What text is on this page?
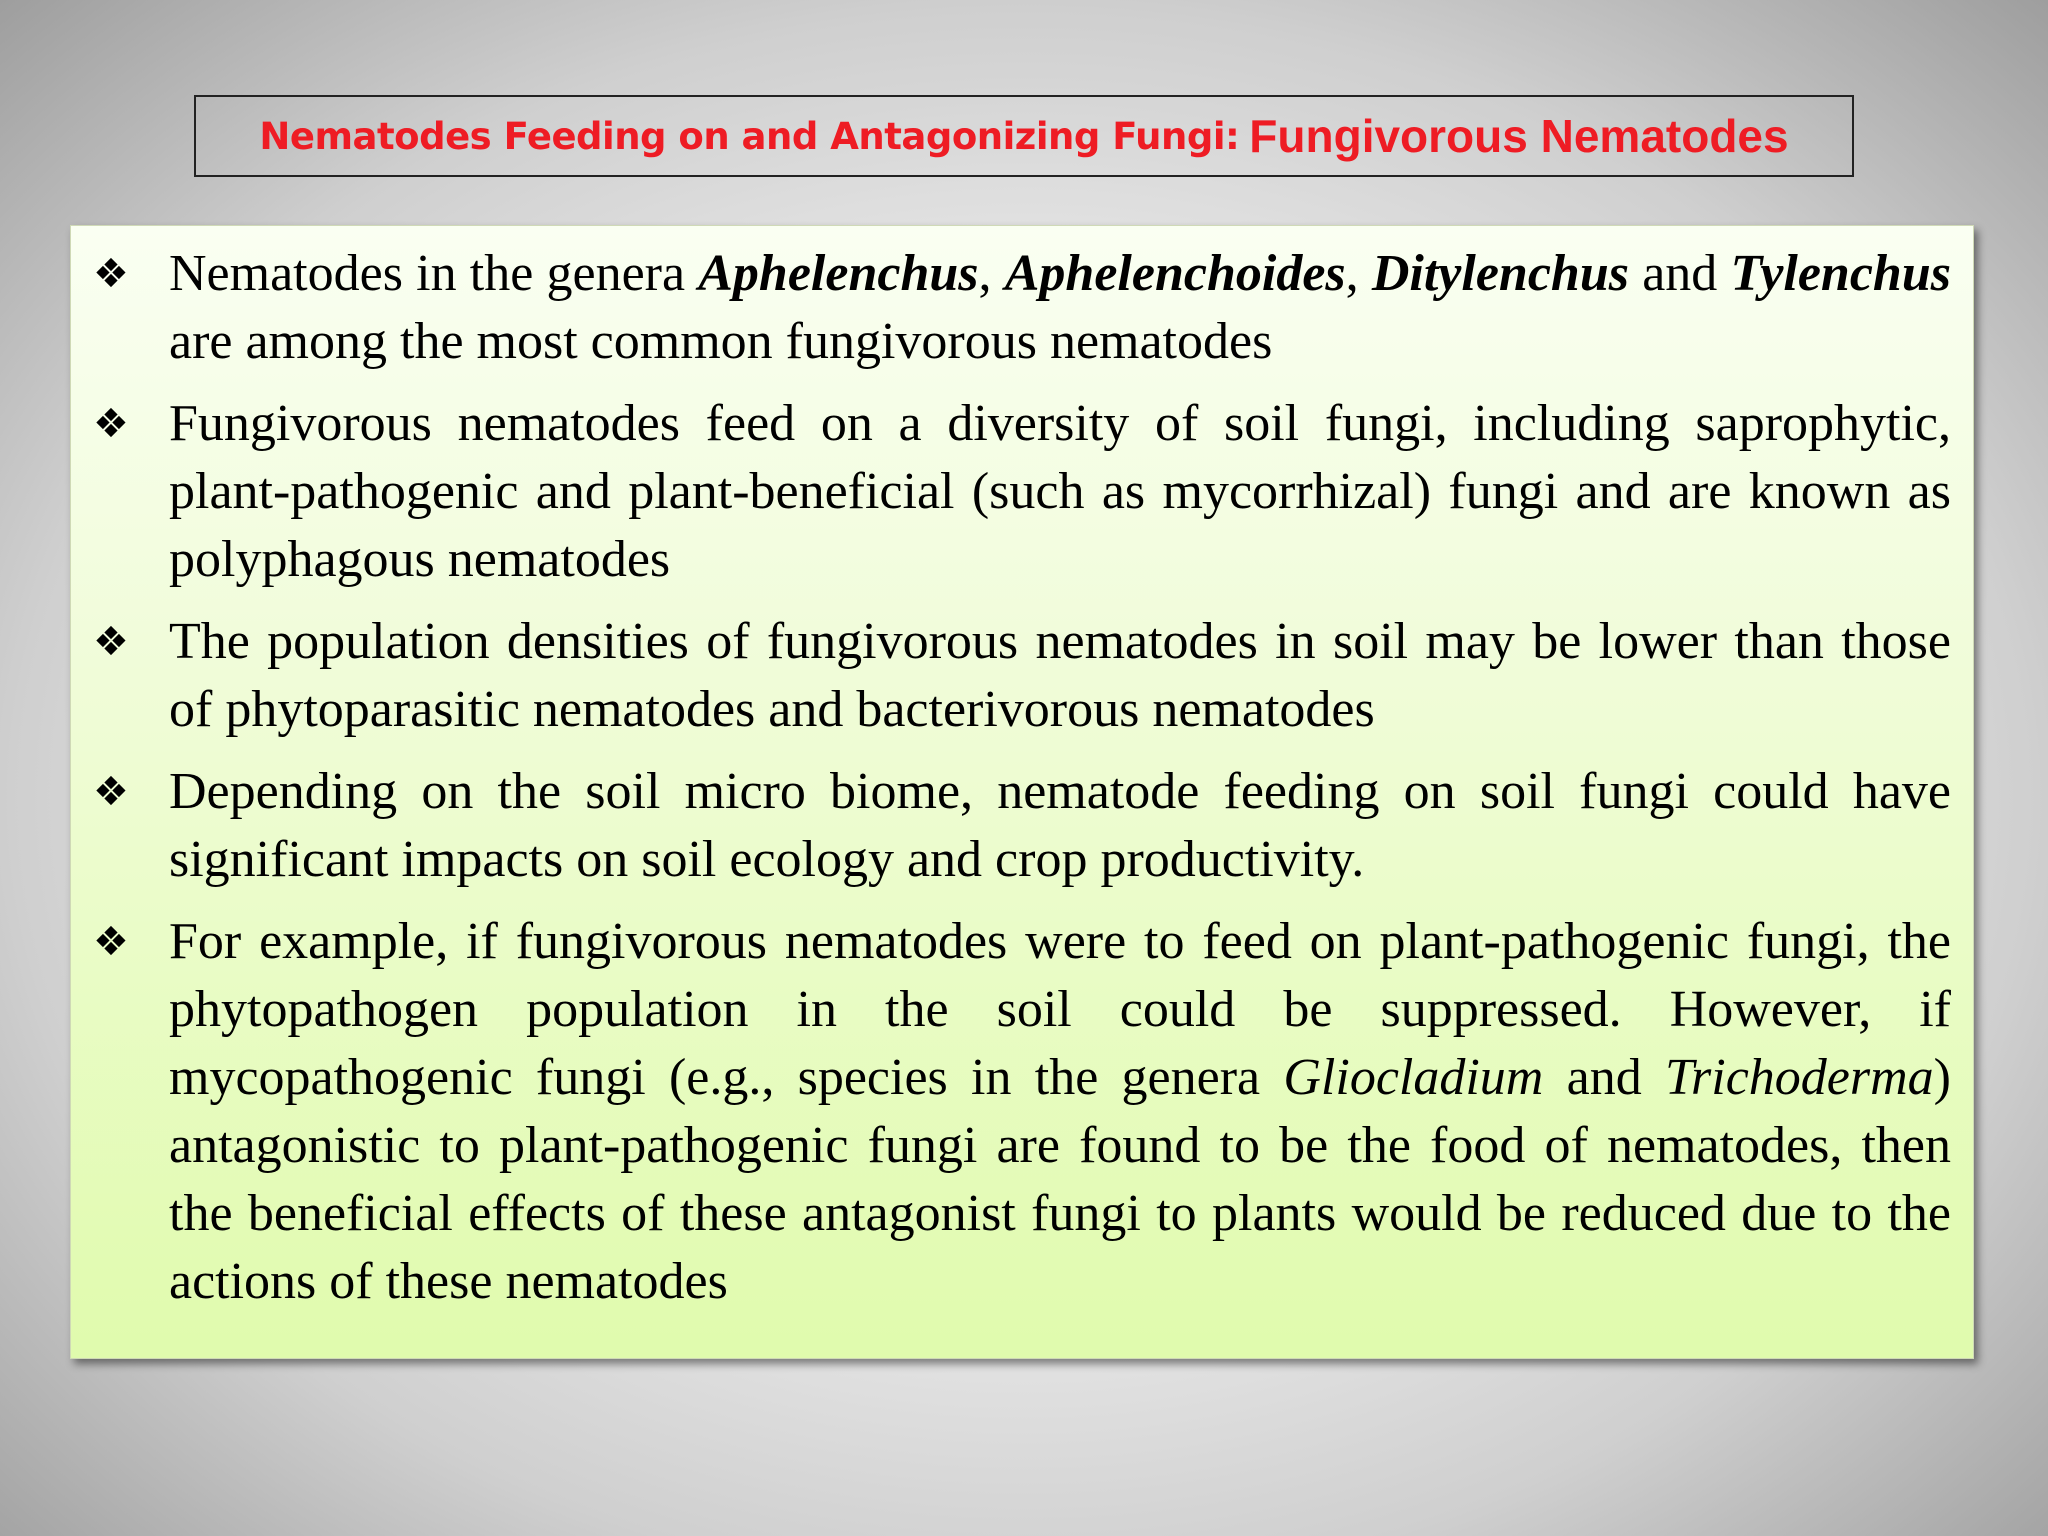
Nematodes Feeding on and Antagonizing Fungi: Fungivorous Nematodes
❖ Nematodes in the genera Aphelenchus, Aphelenchoides, Ditylenchus and Tylenchus are among the most common fungivorous nematodes
❖ Fungivorous nematodes feed on a diversity of soil fungi, including saprophytic, plant-pathogenic and plant-beneficial (such as mycorrhizal) fungi and are known as polyphagous nematodes
❖ The population densities of fungivorous nematodes in soil may be lower than those of phytoparasitic nematodes and bacterivorous nematodes
❖ Depending on the soil micro biome, nematode feeding on soil fungi could have significant impacts on soil ecology and crop productivity.
❖ For example, if fungivorous nematodes were to feed on plant-pathogenic fungi, the phytopathogen population in the soil could be suppressed. However, if mycopathogenic fungi (e.g., species in the genera Gliocladium and Trichoderma) antagonistic to plant-pathogenic fungi are found to be the food of nematodes, then the beneficial effects of these antagonist fungi to plants would be reduced due to the actions of these nematodes
